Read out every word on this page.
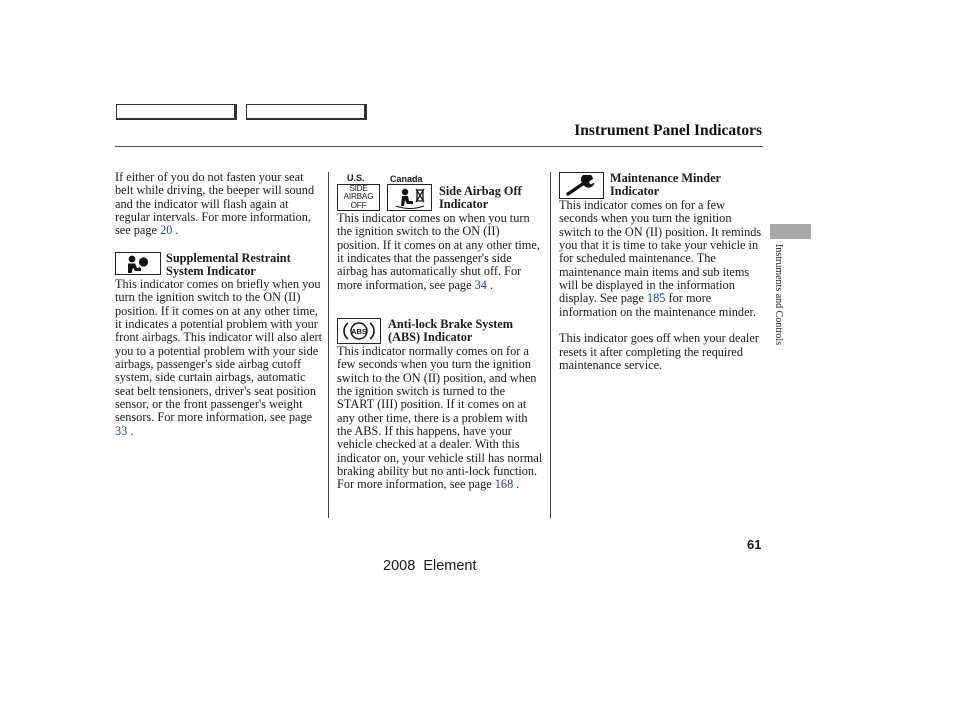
Instrument Panel Indicators
Instruments and Controls

If either of you do not fasten your seat belt while driving, the beeper will sound and the indicator will flash again at regular intervals. For more information, see page 20 .

Supplemental Restraint
System Indicator

This indicator comes on briefly when you turn the ignition switch to the ON (II) position. If it comes on at any other time, it indicates a potential problem with your front airbags. This indicator will also alert you to a potential problem with your side airbags, passenger's side airbag cutoff system, side curtain airbags, automatic seat belt tensioners, driver's seat position sensor, or the front passenger's weight sensors. For more information, see page 33 .

U.S.	Canada
SIDE AIRBAG OFF
Side Airbag Off
Indicator

This indicator comes on when you turn the ignition switch to the ON (II) position. If it comes on at any other time, it indicates that the passenger's side airbag has automatically shut off. For more information, see page 34 .

ABS
Anti-lock Brake System
(ABS) Indicator

This indicator normally comes on for a few seconds when you turn the ignition switch to the ON (II) position, and when the ignition switch is turned to the START (III) position. If it comes on at any other time, there is a problem with the ABS. If this happens, have your vehicle checked at a dealer. With this indicator on, your vehicle still has normal braking ability but no anti-lock function. For more information, see page 168 .

Maintenance Minder
Indicator

This indicator comes on for a few seconds when you turn the ignition switch to the ON (II) position. It reminds you that it is time to take your vehicle in for scheduled maintenance. The maintenance main items and sub items will be displayed in the information display. See page 185 for more information on the maintenance minder.

This indicator goes off when your dealer resets it after completing the required maintenance service.

61
2008  Element
